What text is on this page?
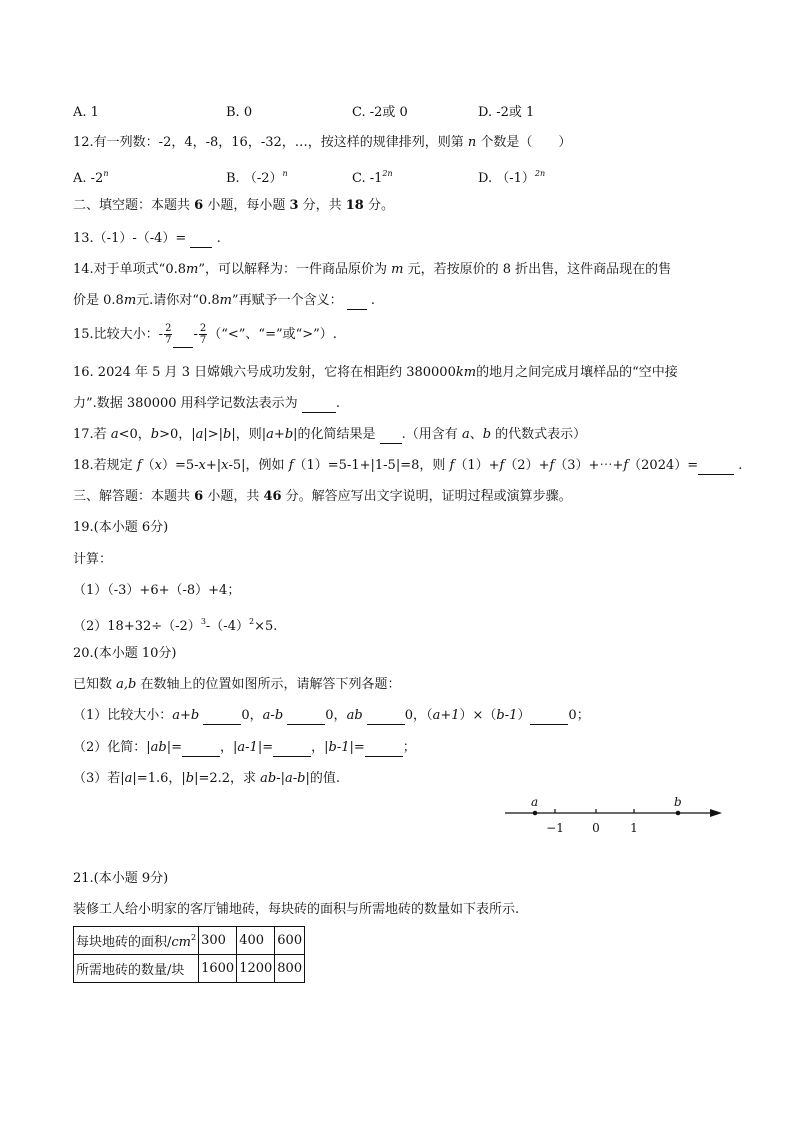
A. 1	B. 0	C. -2或 0	D. -2或 1
12.有一列数：-2，4，-8，16，-32，…，按这样的规律排列，则第 n 个数是（　　）
A. -2$^n$	B. $(-2)^n$	C. $-1^{2n}$	D. $(-1)^{2n}$
二、填空题：本题共 6 小题，每小题 3 分，共 18 分。
13.（-1）-（-4）=  .
14.对于单项式“0.8m”，可以解释为：一件商品原价为 m 元，若按原价的 8 折出售，这件商品现在的售
价是 0.8m元.请你对“0.8m”再赋予一个含义：  .
15.比较大小：- $\frac{2}{7} - \frac{2}{7}$ （“<”、“=”或“>”）.
16. 2024 年 5 月 3 日嫦娥六号成功发射，它将在相距约 380000km的地月之间完成月壤样品的“空中接
力”.数据 380000 用科学记数法表示为	.
17.若 a<0，b>0，|a|>|b|，则|a+b|的化简结果是 .（用含有 a、b 的代数式表示）
18.若规定 f（x）=5-x+|x-5|，例如 f（1）=5-1+|1-5|=8，则 f（1）+f（2）+f（3）+⋯+f（2024）=	.
三、解答题：本题共 6 小题，共 46 分。解答应写出文字说明，证明过程或演算步骤。
19.(本小题 6分)
计算：
（1）（-3）+6+（-8）+4；
$(2)18+32\div(-2)^3-(-4)^2\times 5$.
20.(本小题 10分)
已知数 a,b 在数轴上的位置如图所示，请解答下列各题：
（1）比较大小：a+b	0，a-b	0，ab	0，（a+1）×（b-1）	0；
（2）化简：|ab|=	，|a-1|=	，|b-1|=	；
（3）若|a|=1.6，|b|=2.2，求 ab-|a-b|的值.
a	b
−1 0	1
21.(本小题 9分)
装修工人给小明家的客厅铺地砖，每块砖的面积与所需地砖的数量如下表所示.
每块地砖的面积$/cm^2$	300	400	600
所需地砖的数量/块	1600	1200	800
